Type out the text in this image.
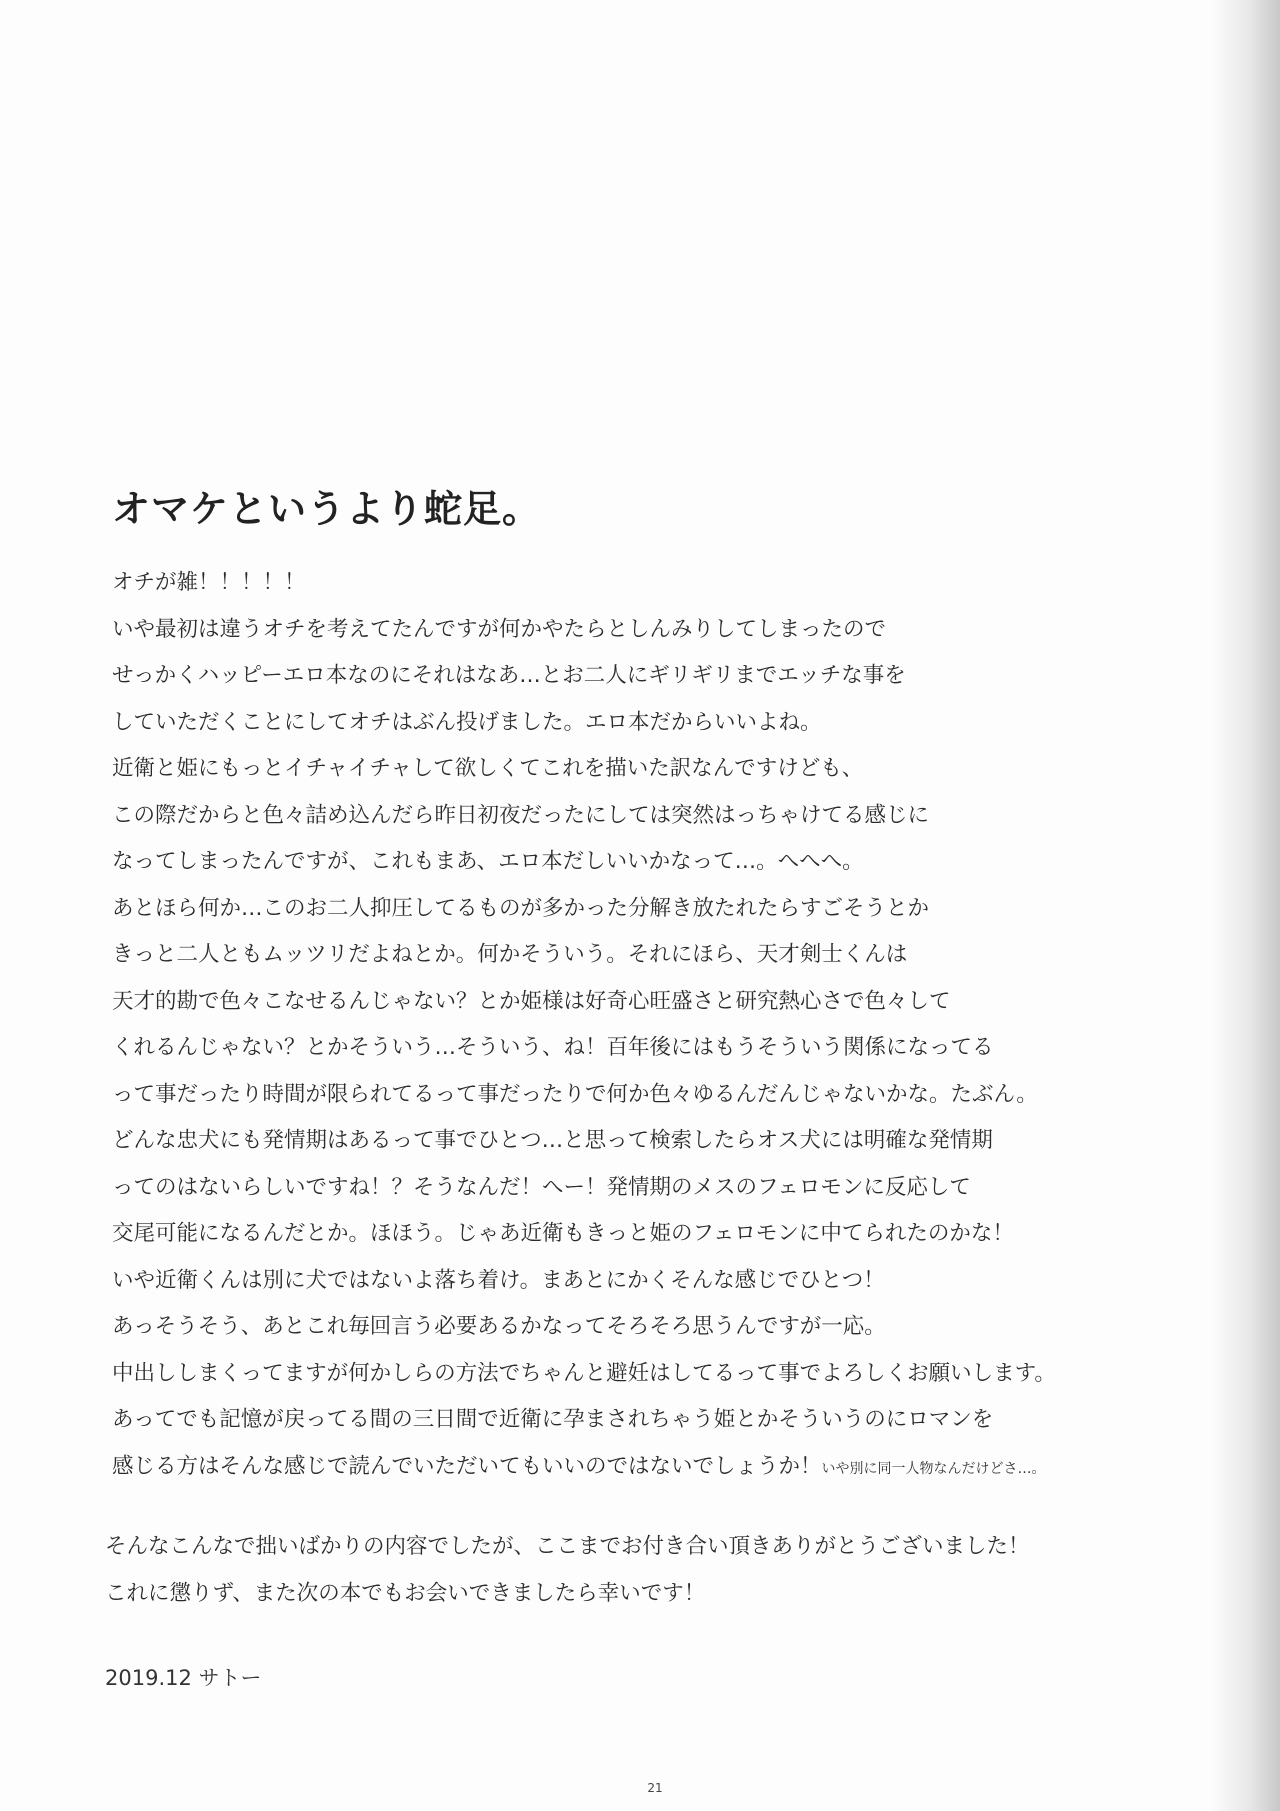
オマケというより蛇足。
オチが雑！！！！！
いや最初は違うオチを考えてたんですが何かやたらとしんみりしてしまったので
せっかくハッピーエロ本なのにそれはなあ…とお二人にギリギリまでエッチな事を
していただくことにしてオチはぶん投げました。エロ本だからいいよね。
近衛と姫にもっとイチャイチャして欲しくてこれを描いた訳なんですけども、
この際だからと色々詰め込んだら昨日初夜だったにしては突然はっちゃけてる感じに
なってしまったんですが、これもまあ、エロ本だしいいかなって…。へへへ。
あとほら何か…このお二人抑圧してるものが多かった分解き放たれたらすごそうとか
きっと二人ともムッツリだよねとか。何かそういう。それにほら、天才剣士くんは
天才的勘で色々こなせるんじゃない？とか姫様は好奇心旺盛さと研究熱心さで色々して
くれるんじゃない？とかそういう…そういう、ね！百年後にはもうそういう関係になってる
って事だったり時間が限られてるって事だったりで何か色々ゆるんだんじゃないかな。たぶん。
どんな忠犬にも発情期はあるって事でひとつ…と思って検索したらオス犬には明確な発情期
ってのはないらしいですね！？そうなんだ！へー！発情期のメスのフェロモンに反応して
交尾可能になるんだとか。ほほう。じゃあ近衛もきっと姫のフェロモンに中てられたのかな！
いや近衛くんは別に犬ではないよ落ち着け。まあとにかくそんな感じでひとつ！
あっそうそう、あとこれ毎回言う必要あるかなってそろそろ思うんですが一応。
中出ししまくってますが何かしらの方法でちゃんと避妊はしてるって事でよろしくお願いします。
あってでも記憶が戻ってる間の三日間で近衛に孕まされちゃう姫とかそういうのにロマンを
感じる方はそんな感じで読んでいただいてもいいのではないでしょうか！いや別に同一人物なんだけどさ…。
そんなこんなで拙いばかりの内容でしたが、ここまでお付き合い頂きありがとうございました！
これに懲りず、また次の本でもお会いできましたら幸いです！
2019.12 サトー
21
